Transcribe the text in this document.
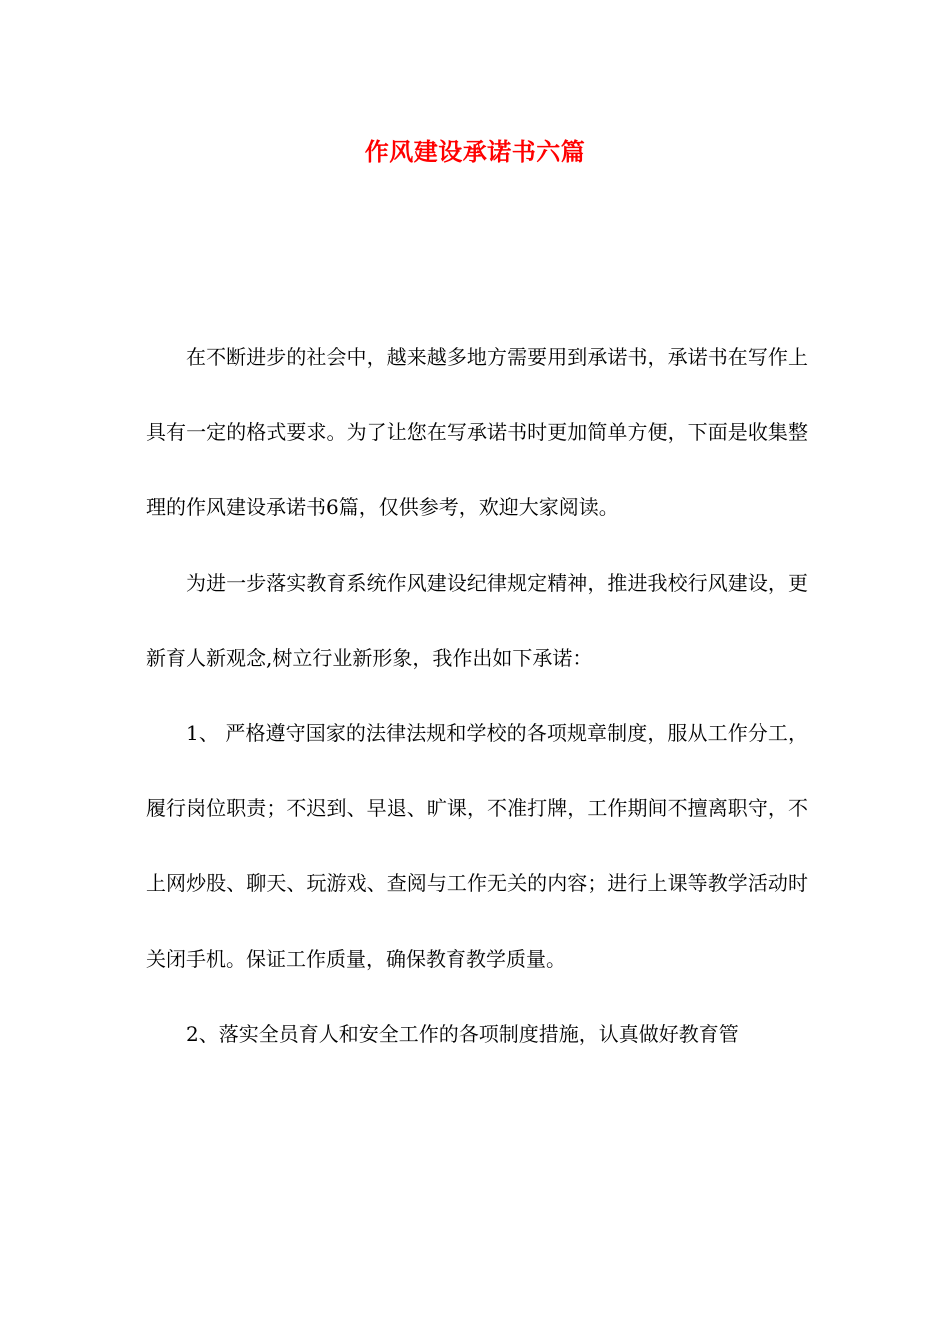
作风建设承诺书六篇

在不断进步的社会中，越来越多地方需要用到承诺书，承诺书在写作上具有一定的格式要求。为了让您在写承诺书时更加简单方便，下面是收集整理的作风建设承诺书6篇，仅供参考，欢迎大家阅读。

为进一步落实教育系统作风建设纪律规定精神，推进我校行风建设，更新育人新观念,树立行业新形象，我作出如下承诺：

1、 严格遵守国家的法律法规和学校的各项规章制度，服从工作分工，履行岗位职责；不迟到、早退、旷课，不准打牌，工作期间不擅离职守，不上网炒股、聊天、玩游戏、查阅与工作无关的内容；进行上课等教学活动时关闭手机。保证工作质量，确保教育教学质量。

2、落实全员育人和安全工作的各项制度措施，认真做好教育管
